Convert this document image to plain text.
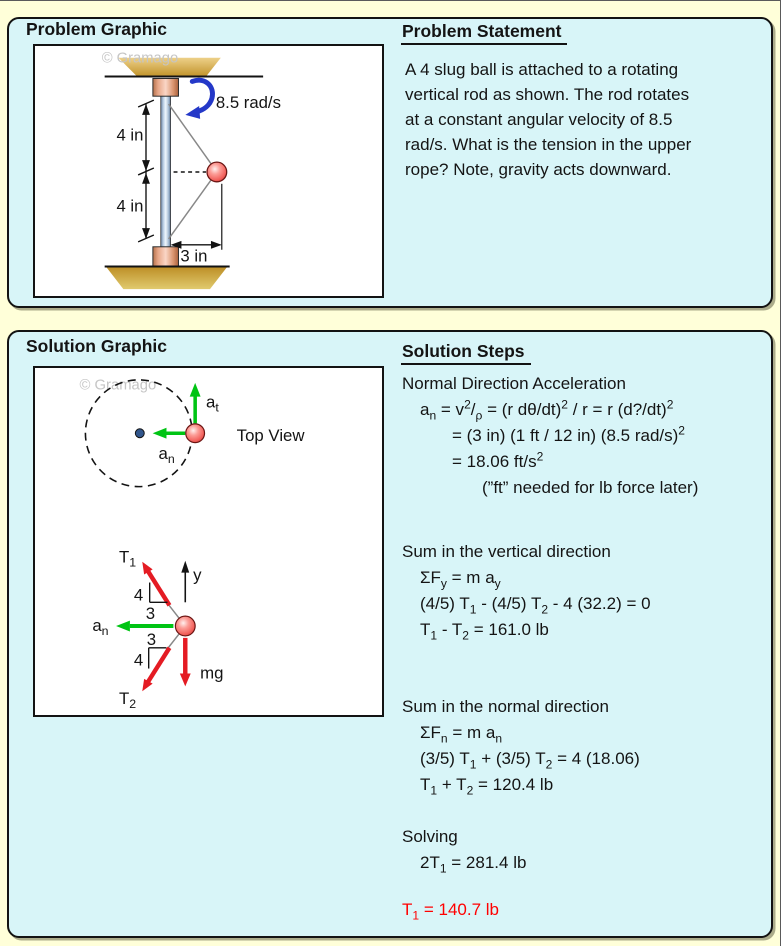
Problem Graphic	Problem Statement
© Gramago
8.5 rad/s
4 in
4 in
3 in
A 4 slug ball is attached to a rotating
vertical rod as shown. The rod rotates
at a constant angular velocity of 8.5
rad/s. What is the tension in the upper
rope? Note, gravity acts downward.
Solution Graphic	Solution Steps
© Gramago
$a_t$
$a_n$
Top View
$T_1$
$T_2$
y
mg
$a_n$
4
3
3
4
Normal Direction Acceleration
$a_n = v^2/_\rho = (r$ dθ/dt)$^2$ / r = r (d?/dt)$^2$
= (3 in) (1 ft / 12 in) (8.5 rad/s)$^2$
= 18.06 $ft/s^2$
(”ft” needed for lb force later)
Sum in the vertical direction
$\Sigma F_y = m$ $a_y$
(4/5) $T_1 - (4/5)$ $T_2 - 4$ (32.2) = 0
$T_1 - T_2 = 161.0$ lb
Sum in the normal direction
$\Sigma F_n = m$ $a_n$
(3/5) $T_1 + (3/5) T_2 = 4$ (18.06)
$T_1 + T_2 = 120.4$ lb
Solving
$2T_1 = 281.4$ lb
$T_1 = 140.7$ lb
